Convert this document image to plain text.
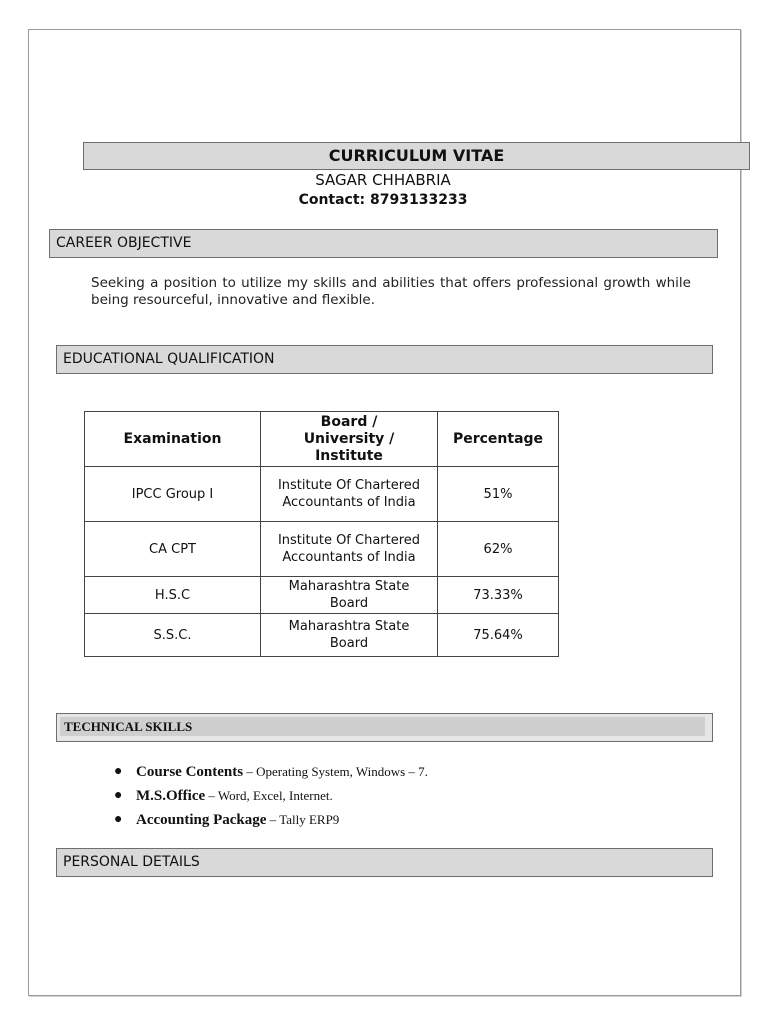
CURRICULUM VITAE
SAGAR CHHABRIA
Contact: 8793133233
CAREER OBJECTIVE
Seeking a position to utilize my skills and abilities that offers professional growth while being resourceful, innovative and flexible.
EDUCATIONAL QUALIFICATION
Examination	Board / University / Institute	Percentage
IPCC Group I	Institute Of Chartered Accountants of India	51%
CA CPT	Institute Of Chartered Accountants of India	62%
H.S.C	Maharashtra State Board	73.33%
S.S.C.	Maharashtra State Board	75.64%
TECHNICAL SKILLS
● Course Contents – Operating System, Windows – 7.
● M.S.Office – Word, Excel, Internet.
● Accounting Package – Tally ERP9
PERSONAL DETAILS
